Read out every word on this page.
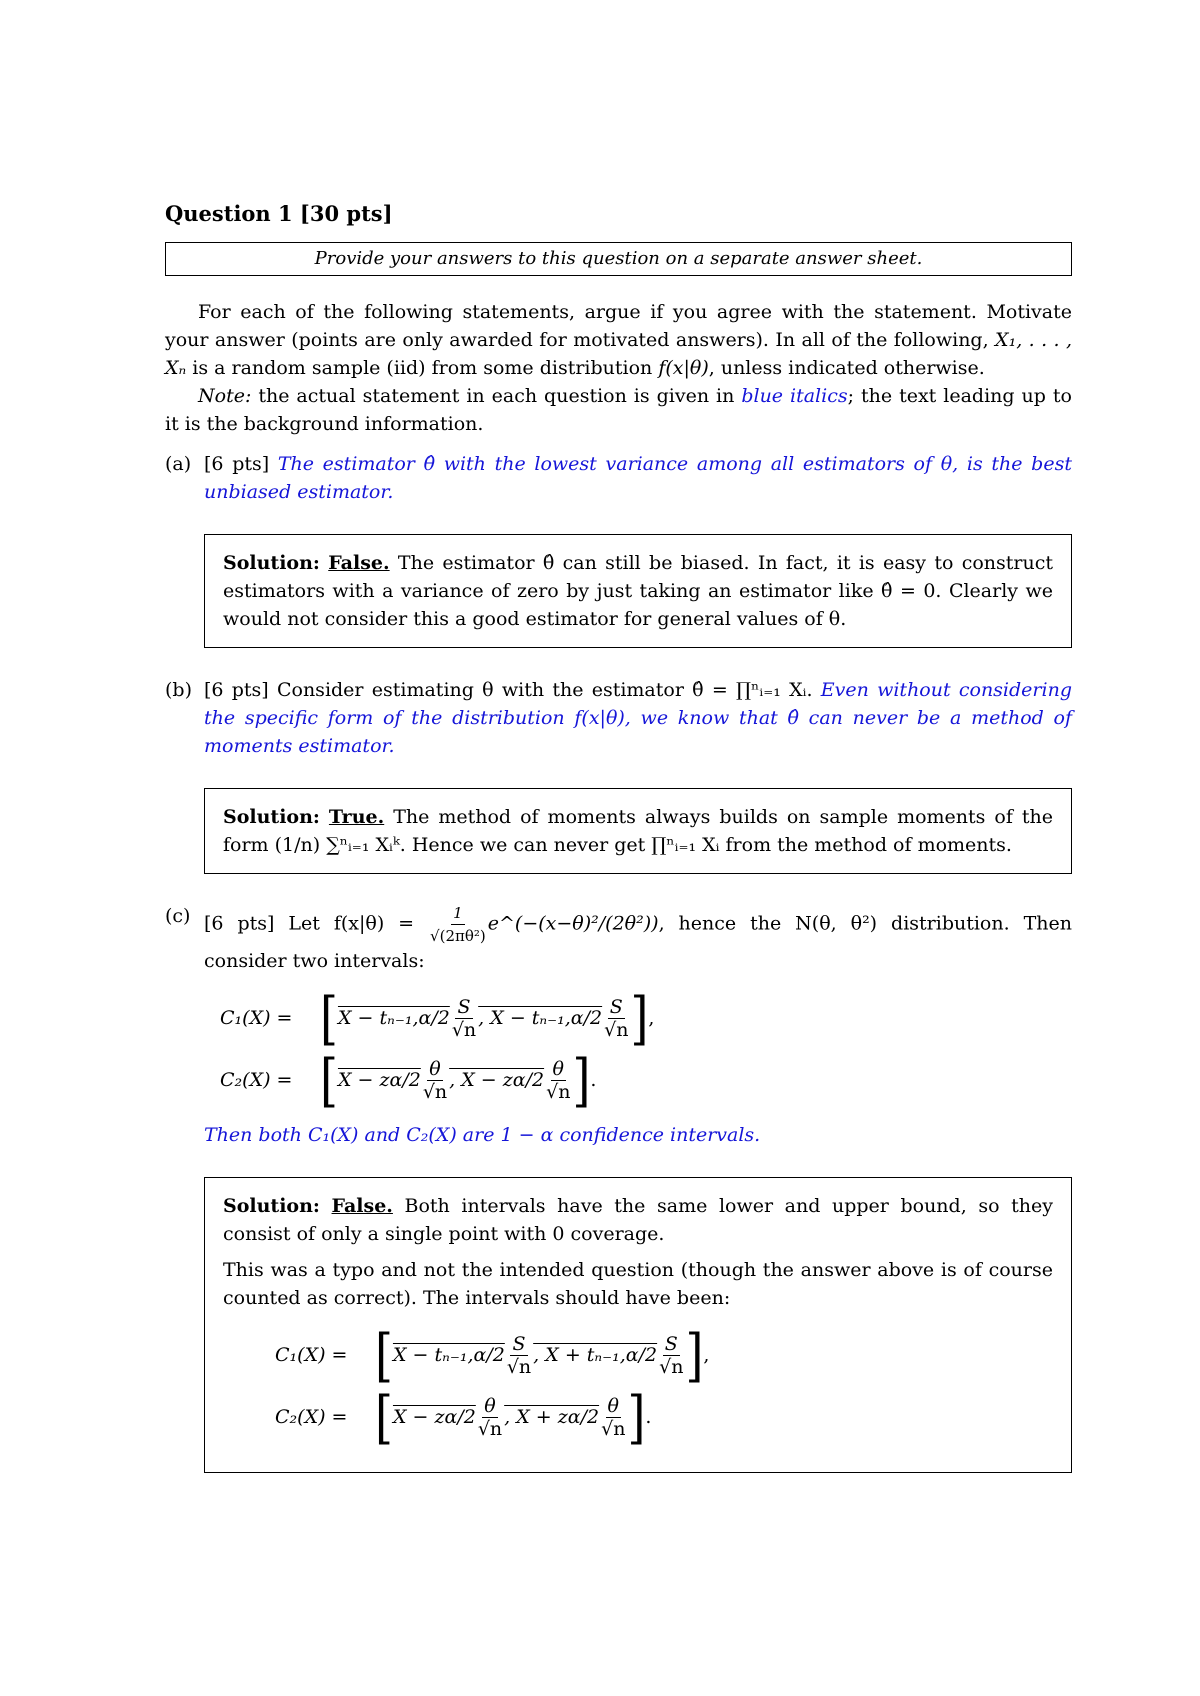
Question 1 [30 pts]
Provide your answers to this question on a separate answer sheet.

For each of the following statements, argue if you agree with the statement. Motivate your answer (points are only awarded for motivated answers). In all of the following, X₁, . . . , Xₙ is a random sample (iid) from some distribution f(x|θ), unless indicated otherwise.

Note: the actual statement in each question is given in blue italics; the text leading up to it is the background information.

(a) [6 pts] The estimator θ̂ with the lowest variance among all estimators of θ, is the best unbiased estimator.
Solution: False. The estimator θ̂ can still be biased. In fact, it is easy to construct estimators with a variance of zero by just taking an estimator like θ̂ = 0. Clearly we would not consider this a good estimator for general values of θ.
(b) [6 pts] Consider estimating θ with the estimator θ̂ = ∏ⁿᵢ₌₁ Xᵢ. Even without considering the specific form of the distribution f(x|θ), we know that θ̂ can never be a method of moments estimator.
Solution: True. The method of moments always builds on sample moments of the form (1/n) ∑ⁿᵢ₌₁ Xᵢᵏ. Hence we can never get ∏ⁿᵢ₌₁ Xᵢ from the method of moments.
(c) [6 pts] Let $f(x|\theta) = \frac{1}{\text{√(2πθ²)}}$ e^(−(x−θ)²/(2θ²)), hence the N(θ, θ²) distribution. Then consider two intervals:
C₁(X) = [ $X - t_{n-1},\alpha/2 \frac{S}{√n}$ , $X - t_{n-1},\alpha/2 \frac{S}{√n}$ ] ,
C₂(X) = [ $X - z\alpha/2 \frac{\theta}{√n}$ , $X - z\alpha/2 \frac{\theta}{√n}$ ] .

Then both C₁(X) and C₂(X) are 1 − α confidence intervals.

Solution: False. Both intervals have the same lower and upper bound, so they consist of only a single point with 0 coverage.
This was a typo and not the intended question (though the answer above is of course counted as correct). The intervals should have been:
C₁(X) = [ $X - t_{n-1},\alpha/2 \frac{S}{√n}$ , $X + t_{n-1},\alpha/2 \frac{S}{√n}$ ] ,
C₂(X) = [ $X - z\alpha/2 \frac{\theta}{√n}$ , $X + z\alpha/2 \frac{\theta}{√n}$ ] .
